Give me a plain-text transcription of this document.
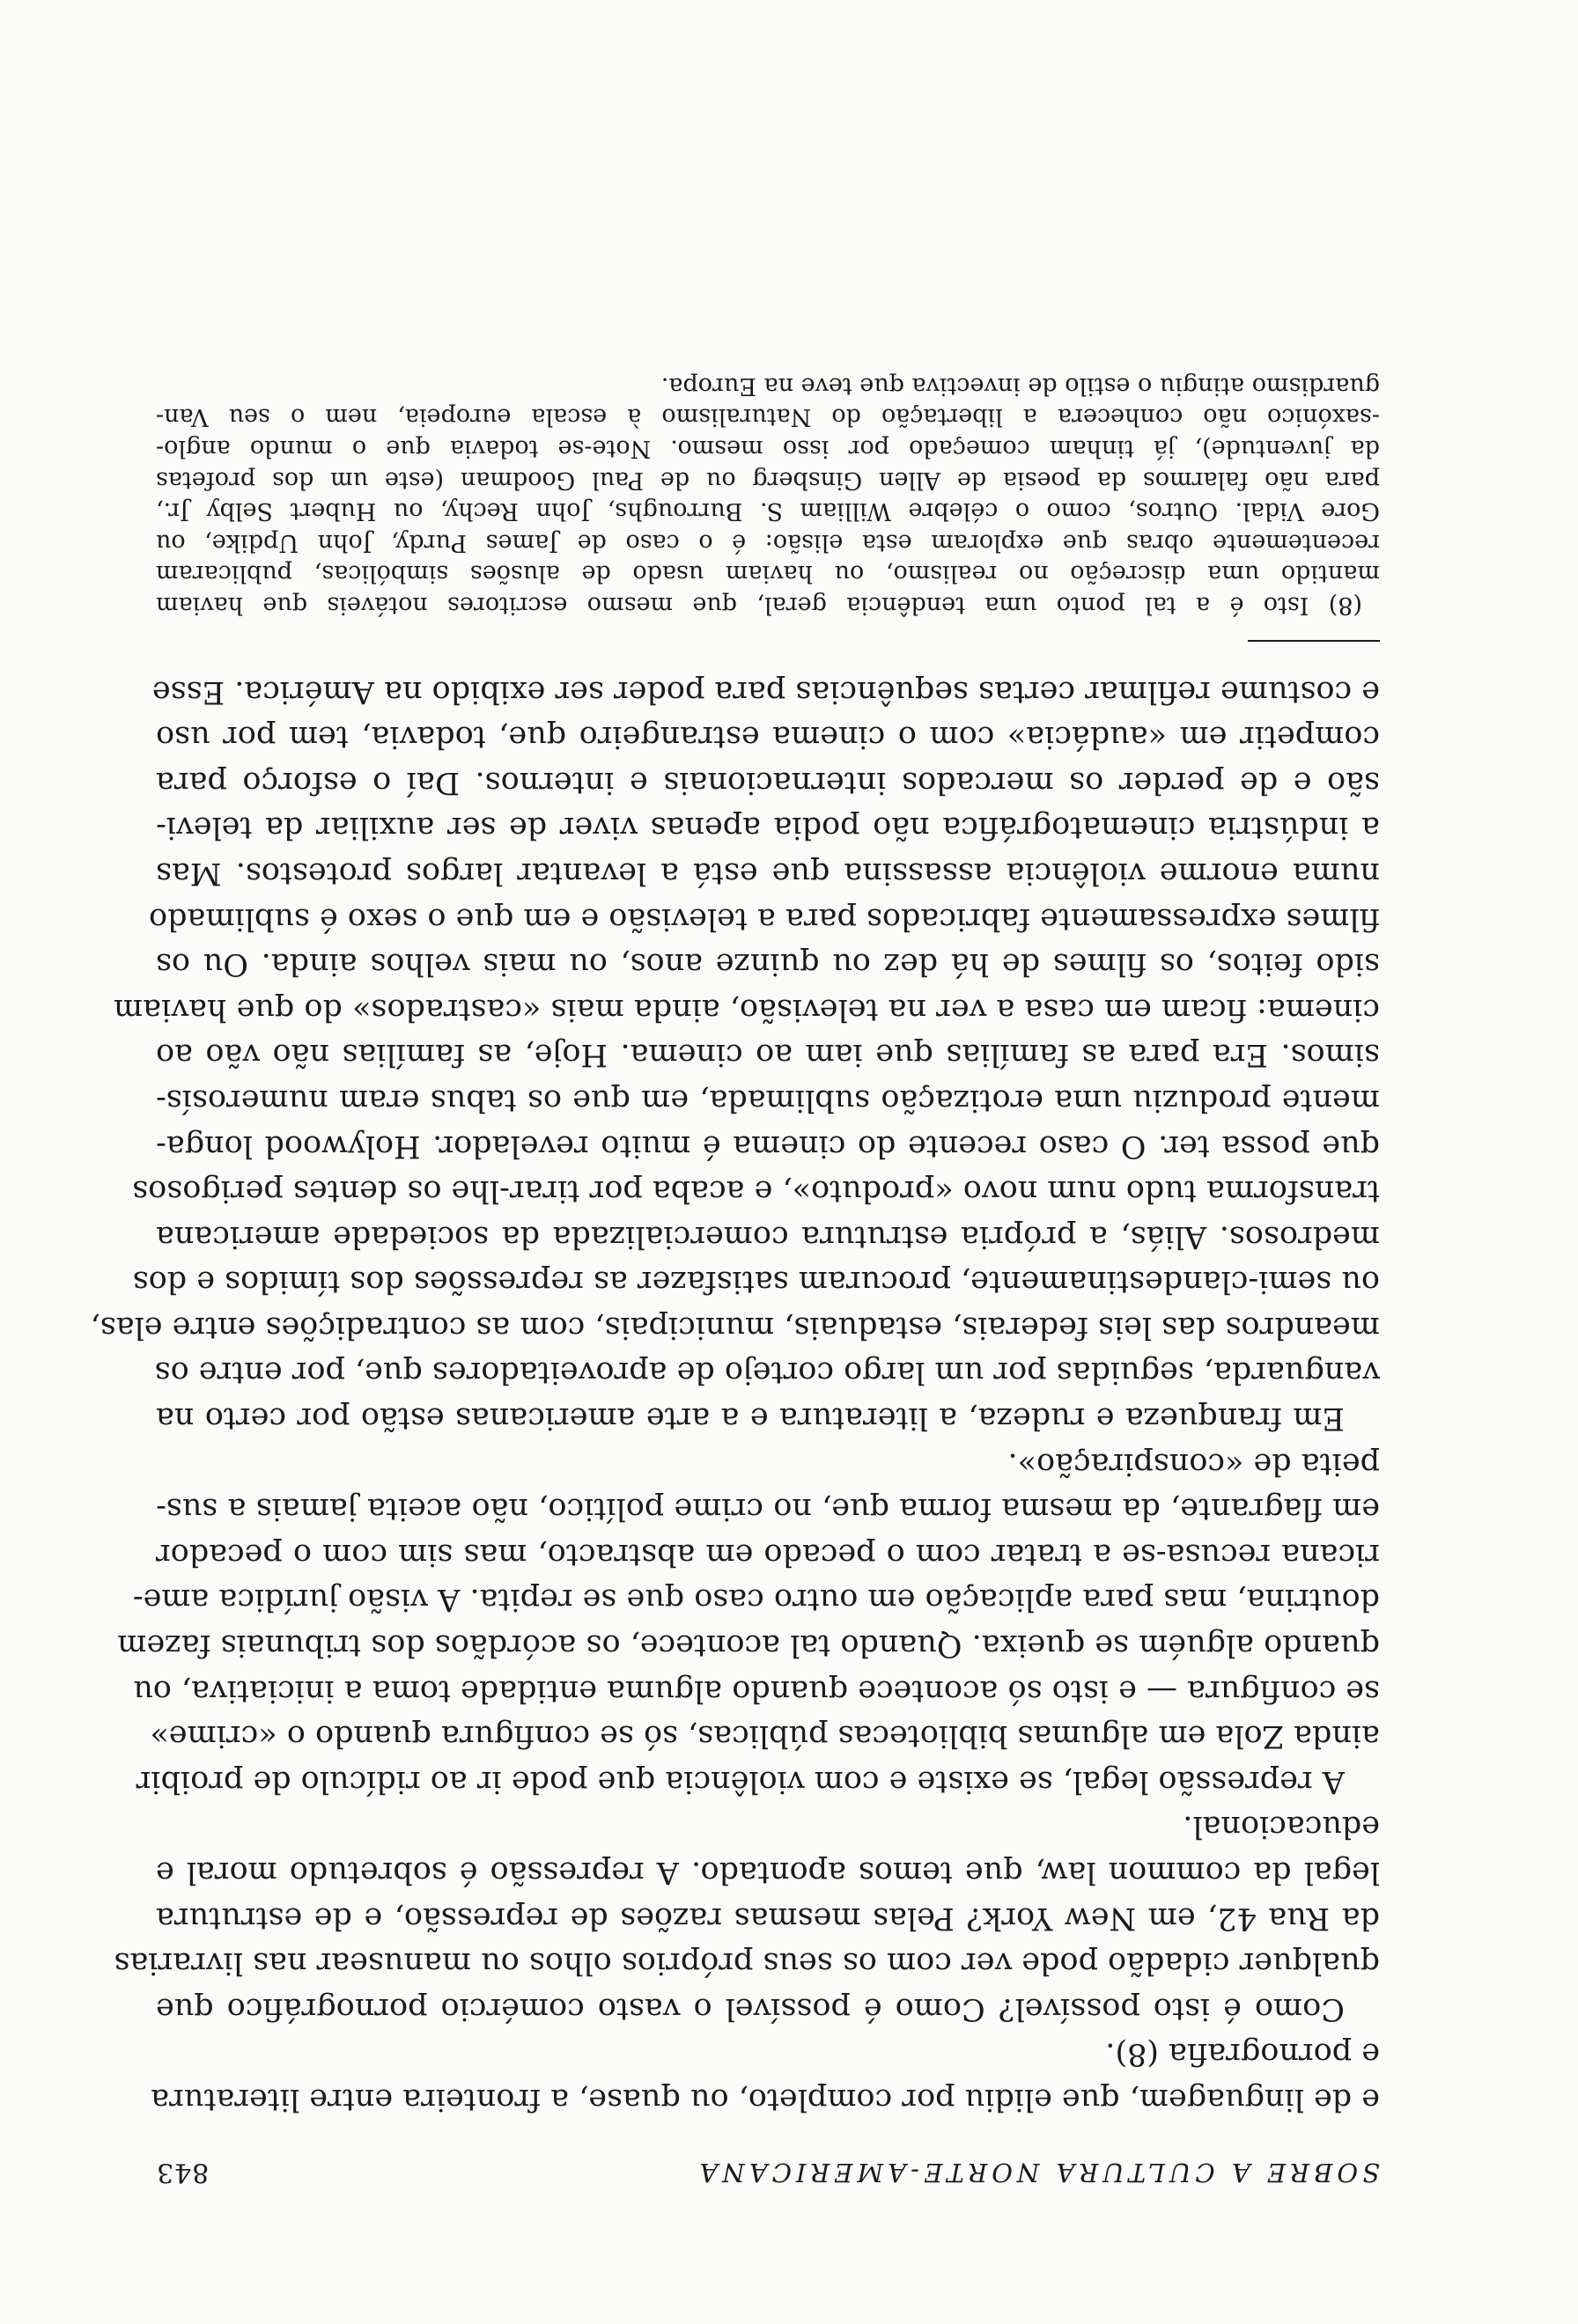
SOBRE A CULTURA NORTE-AMERICANA
843
e de linguagem, que elidiu por completo, ou quase, a fronteira entre literatura
e pornografia (8).
Como é isto possível? Como é possível o vasto comércio pornográfico que
qualquer cidadão pode ver com os seus próprios olhos ou manusear nas livrarias
da Rua 42, em New York? Pelas mesmas razões de repressão, e de estrutura
legal da common law, que temos apontado. A repressão é sobretudo moral e
educacional.
A repressão legal, se existe e com violência que pode ir ao ridículo de proibir
ainda Zola em algumas bibliotecas públicas, só se configura quando o «crime»
se configura — e isto só acontece quando alguma entidade toma a iniciativa, ou
quando alguém se queixa. Quando tal acontece, os acórdãos dos tribunais fazem
doutrina, mas para aplicação em outro caso que se repita. A visão jurídica ame-
ricana recusa-se a tratar com o pecado em abstracto, mas sim com o pecador
em flagrante, da mesma forma que, no crime político, não aceita jamais a sus-
peita de «conspiração».
Em franqueza e rudeza, a literatura e a arte americanas estão por certo na
vanguarda, seguidas por um largo cortejo de aproveitadores que, por entre os
meandros das leis federais, estaduais, municipais, com as contradições entre elas,
ou semi-clandestinamente, procuram satisfazer as repressões dos tímidos e dos
medrosos. Aliás, a própria estrutura comercializada da sociedade americana
transforma tudo num novo «produto», e acaba por tirar-lhe os dentes perigosos
que possa ter. O caso recente do cinema é muito revelador. Holywood longa-
mente produziu uma erotização sublimada, em que os tabus eram numerosís-
simos. Era para as famílias que iam ao cinema. Hoje, as famílias não vão ao
cinema: ficam em casa a ver na televisão, ainda mais «castrados» do que haviam
sido feitos, os filmes de há dez ou quinze anos, ou mais velhos ainda. Ou os
filmes expressamente fabricados para a televisão e em que o sexo é sublimado
numa enorme violência assassina que está a levantar largos protestos. Mas
a indústria cinematográfica não podia apenas viver de ser auxiliar da televi-
são e de perder os mercados internacionais e internos. Daí o esforço para
competir em «audácia» com o cinema estrangeiro que, todavia, tem por uso
e costume refilmar certas sequências para poder ser exibido na América. Esse
(8) Isto é a tal ponto uma tendência geral, que mesmo escritores notáveis que haviam
mantido uma discreção no realismo, ou haviam usado de alusões simbólicas, publicaram
recentemente obras que exploram esta elisão: é o caso de James Purdy, John Updike, ou
Gore Vidal. Outros, como o célebre William S. Burroughs, John Rechy, ou Hubert Selby Jr.,
para não falarmos da poesia de Allen Ginsberg ou de Paul Goodman (este um dos profetas
da juventude), já tinham começado por isso mesmo. Note-se todavia que o mundo anglo-
-saxónico não conhecera a libertação do Naturalismo à escala europeia, nem o seu Van-
guardismo atingiu o estilo de invectiva que teve na Europa.
